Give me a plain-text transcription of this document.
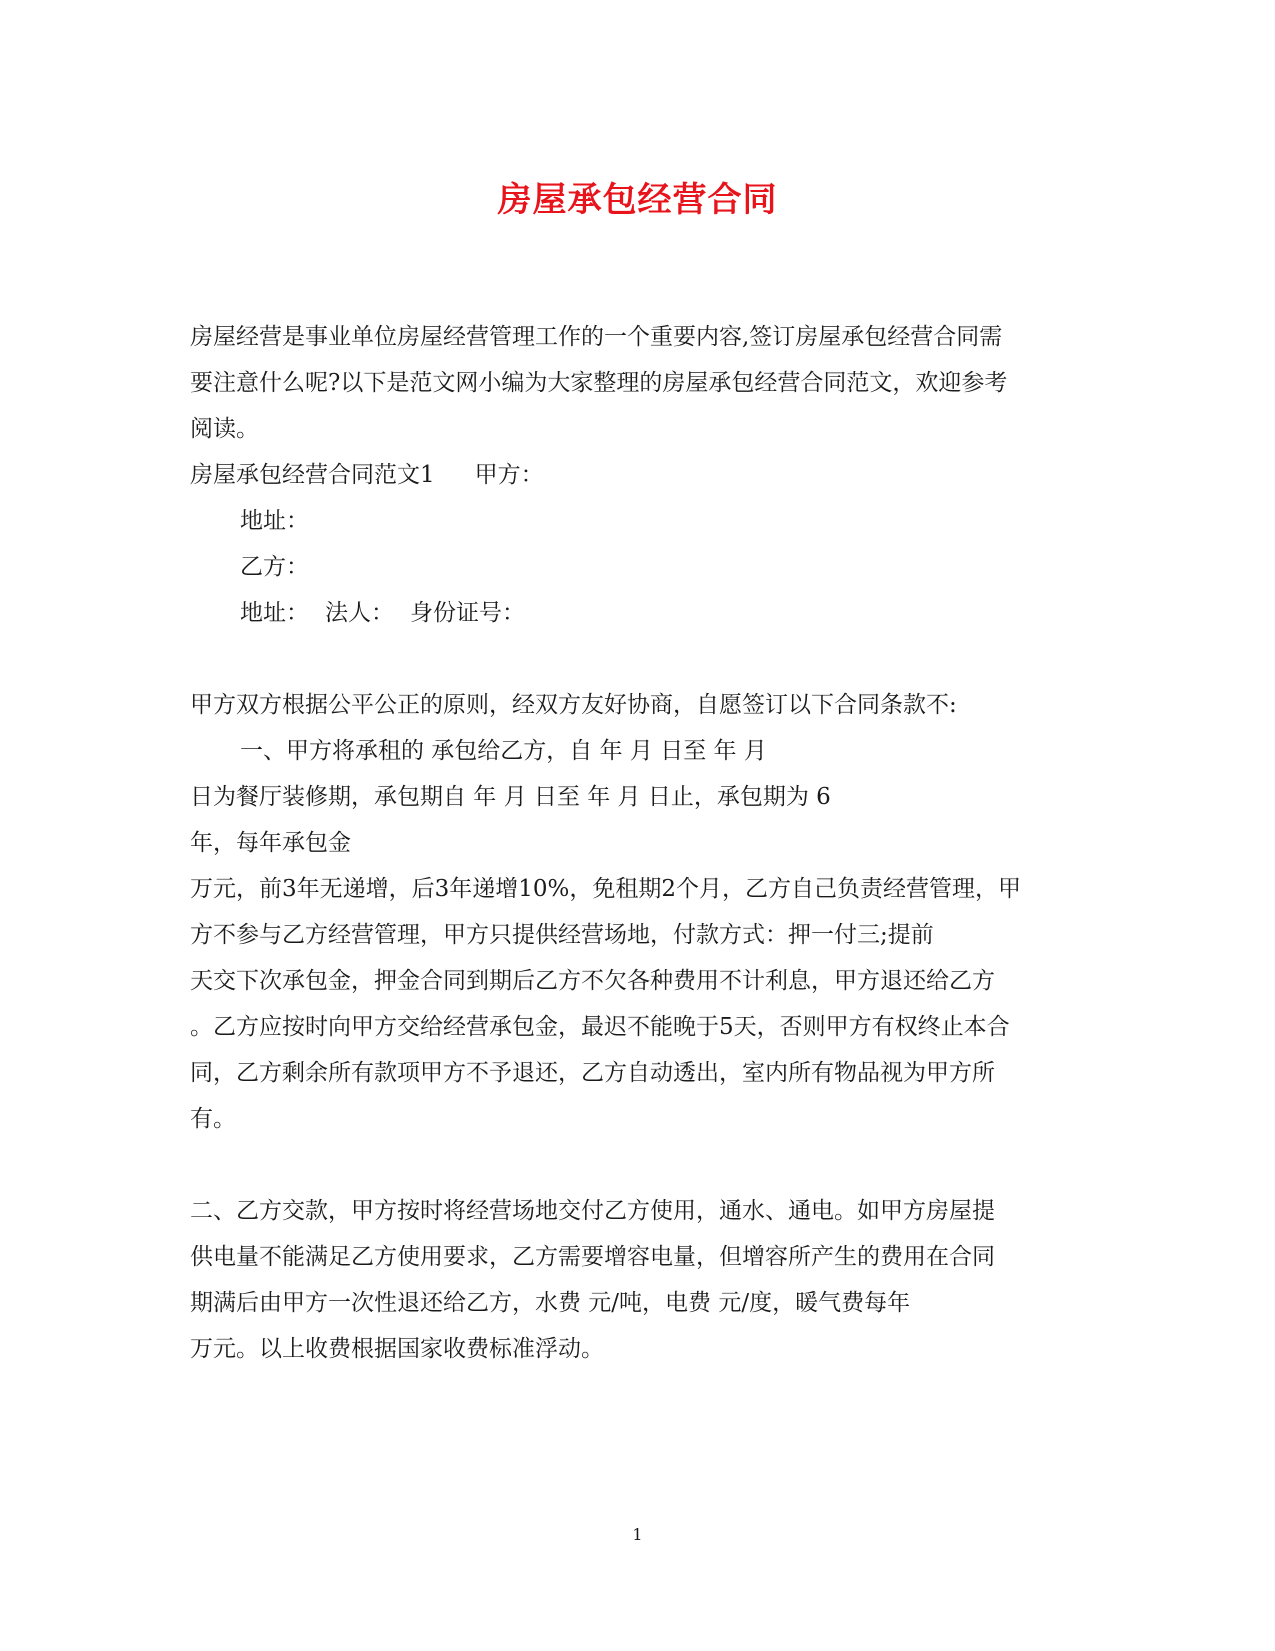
房屋承包经营合同
房屋经营是事业单位房屋经营管理工作的一个重要内容,签订房屋承包经营合同需
要注意什么呢?以下是范文网小编为大家整理的房屋承包经营合同范文，欢迎参考
阅读。
房屋承包经营合同范文1 甲方：
地址：
乙方：
地址： 法人： 身份证号：
甲方双方根据公平公正的原则，经双方友好协商，自愿签订以下合同条款不:
一、甲方将承租的 承包给乙方，自 年 月 日至 年 月
日为餐厅装修期，承包期自 年 月 日至 年 月 日止，承包期为 6
年，每年承包金
万元，前3年无递增，后3年递增10%，免租期2个月，乙方自己负责经营管理，甲
方不参与乙方经营管理，甲方只提供经营场地，付款方式：押一付三;提前
天交下次承包金，押金合同到期后乙方不欠各种费用不计利息，甲方退还给乙方
。乙方应按时向甲方交给经营承包金，最迟不能晚于5天，否则甲方有权终止本合
同，乙方剩余所有款项甲方不予退还，乙方自动透出，室内所有物品视为甲方所
有。
二、乙方交款，甲方按时将经营场地交付乙方使用，通水、通电。如甲方房屋提
供电量不能满足乙方使用要求，乙方需要增容电量，但增容所产生的费用在合同
期满后由甲方一次性退还给乙方，水费 元/吨，电费 元/度，暖气费每年
万元。以上收费根据国家收费标准浮动。
1
